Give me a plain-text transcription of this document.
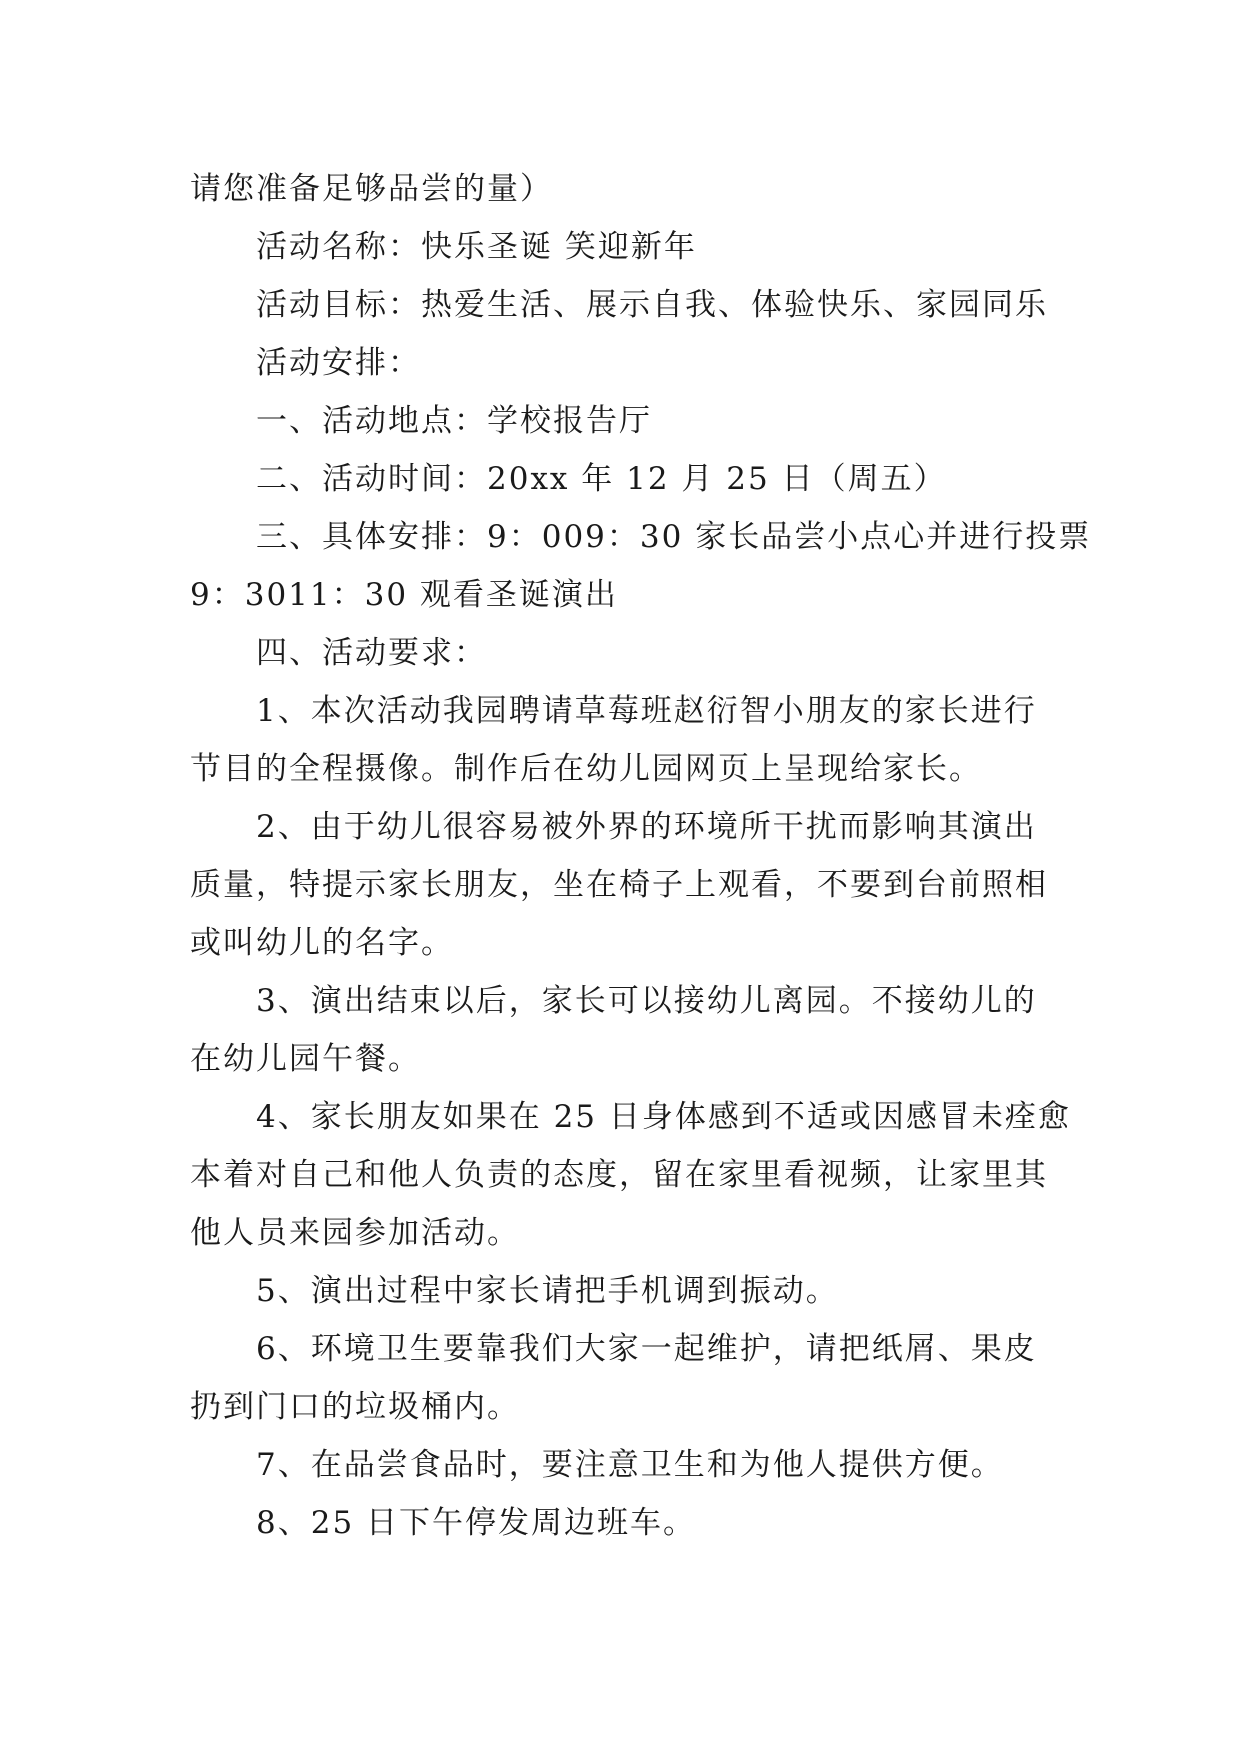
请您准备足够品尝的量）
活动名称：快乐圣诞 笑迎新年
活动目标：热爱生活、展示自我、体验快乐、家园同乐
活动安排：
一、活动地点：学校报告厅
二、活动时间：20xx 年 12 月 25 日（周五）
三、具体安排：9：009：30 家长品尝小点心并进行投票
9：3011：30 观看圣诞演出
四、活动要求：
1、本次活动我园聘请草莓班赵衍智小朋友的家长进行
节目的全程摄像。制作后在幼儿园网页上呈现给家长。
2、由于幼儿很容易被外界的环境所干扰而影响其演出
质量，特提示家长朋友，坐在椅子上观看，不要到台前照相
或叫幼儿的名字。
3、演出结束以后，家长可以接幼儿离园。不接幼儿的
在幼儿园午餐。
4、家长朋友如果在 25 日身体感到不适或因感冒未痊愈
本着对自己和他人负责的态度，留在家里看视频，让家里其
他人员来园参加活动。
5、演出过程中家长请把手机调到振动。
6、环境卫生要靠我们大家一起维护，请把纸屑、果皮
扔到门口的垃圾桶内。
7、在品尝食品时，要注意卫生和为他人提供方便。
8、25 日下午停发周边班车。
